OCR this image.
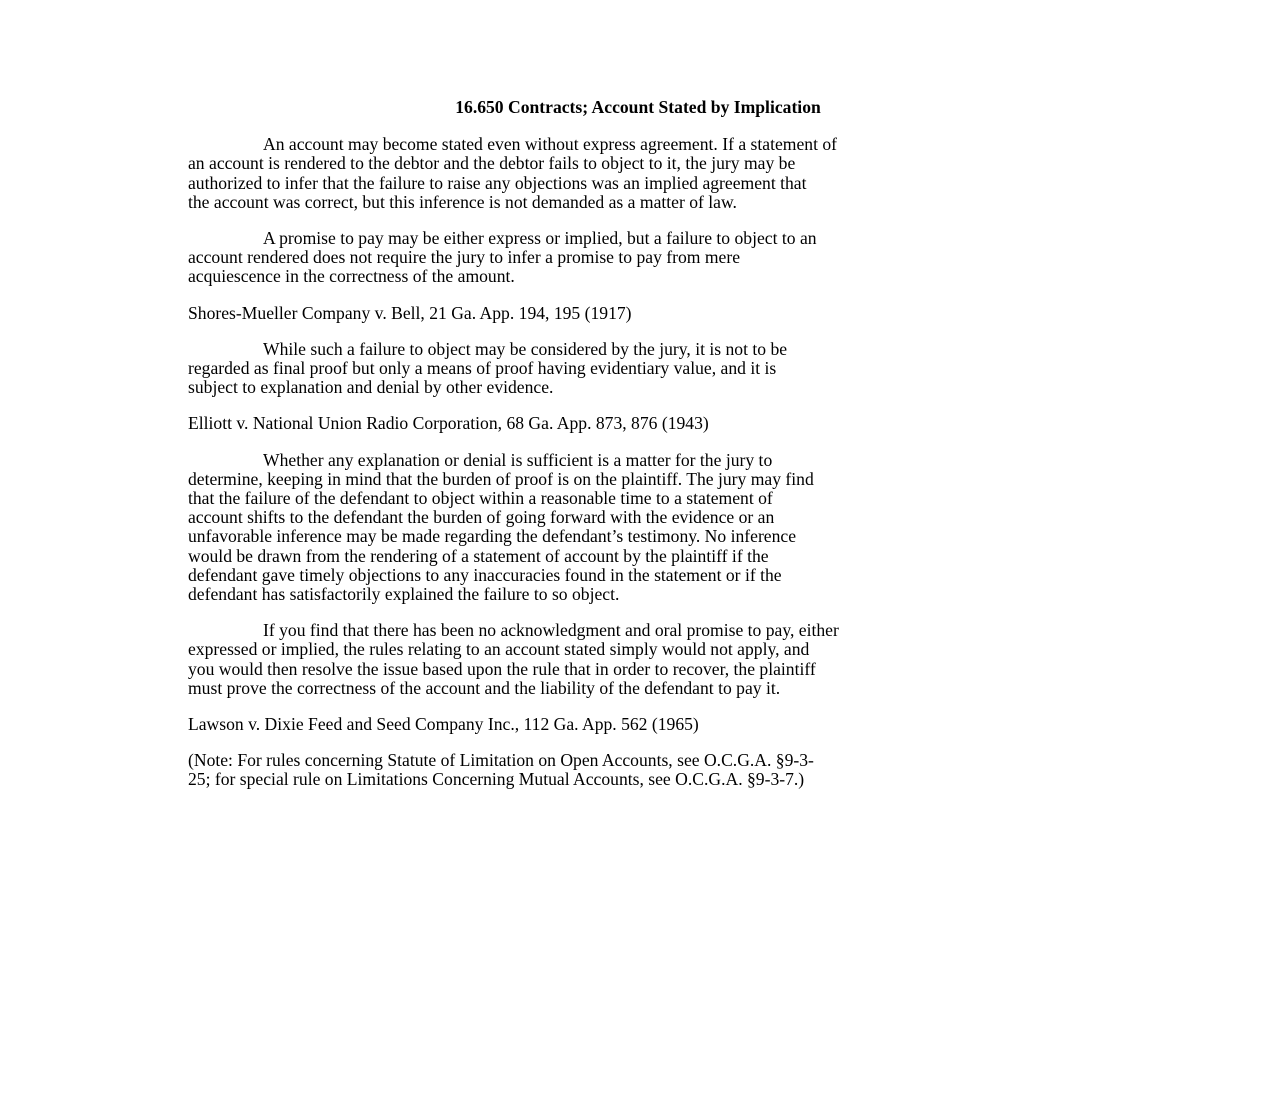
16.650 Contracts; Account Stated by Implication
An account may become stated even without express agreement. If a statement of
an account is rendered to the debtor and the debtor fails to object to it, the jury may be
authorized to infer that the failure to raise any objections was an implied agreement that
the account was correct, but this inference is not demanded as a matter of law.
A promise to pay may be either express or implied, but a failure to object to an
account rendered does not require the jury to infer a promise to pay from mere
acquiescence in the correctness of the amount.
Shores-Mueller Company v. Bell, 21 Ga. App. 194, 195 (1917)
While such a failure to object may be considered by the jury, it is not to be
regarded as final proof but only a means of proof having evidentiary value, and it is
subject to explanation and denial by other evidence.
Elliott v. National Union Radio Corporation, 68 Ga. App. 873, 876 (1943)
Whether any explanation or denial is sufficient is a matter for the jury to
determine, keeping in mind that the burden of proof is on the plaintiff. The jury may find
that the failure of the defendant to object within a reasonable time to a statement of
account shifts to the defendant the burden of going forward with the evidence or an
unfavorable inference may be made regarding the defendant’s testimony. No inference
would be drawn from the rendering of a statement of account by the plaintiff if the
defendant gave timely objections to any inaccuracies found in the statement or if the
defendant has satisfactorily explained the failure to so object.
If you find that there has been no acknowledgment and oral promise to pay, either
expressed or implied, the rules relating to an account stated simply would not apply, and
you would then resolve the issue based upon the rule that in order to recover, the plaintiff
must prove the correctness of the account and the liability of the defendant to pay it.
Lawson v. Dixie Feed and Seed Company Inc., 112 Ga. App. 562 (1965)
(Note: For rules concerning Statute of Limitation on Open Accounts, see O.C.G.A. §9-3-
25; for special rule on Limitations Concerning Mutual Accounts, see O.C.G.A. §9-3-7.)
